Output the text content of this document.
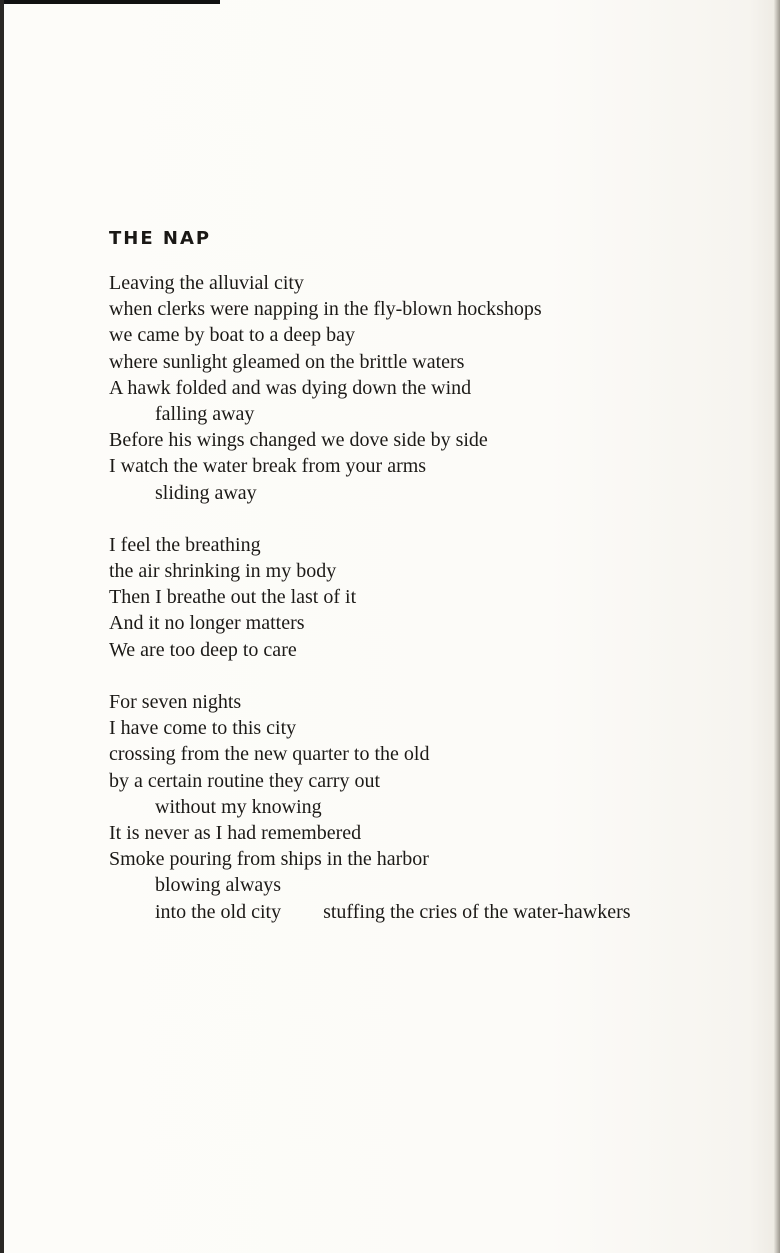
THE NAP
Leaving the alluvial city
when clerks were napping in the fly-blown hockshops
we came by boat to a deep bay
where sunlight gleamed on the brittle waters
A hawk folded and was dying down the wind
falling away
Before his wings changed we dove side by side
I watch the water break from your arms
sliding away
I feel the breathing
the air shrinking in my body
Then I breathe out the last of it
And it no longer matters
We are too deep to care
For seven nights
I have come to this city
crossing from the new quarter to the old
by a certain routine they carry out
without my knowing
It is never as I had remembered
Smoke pouring from ships in the harbor
blowing always
into the old city stuffing the cries of the water-hawkers
